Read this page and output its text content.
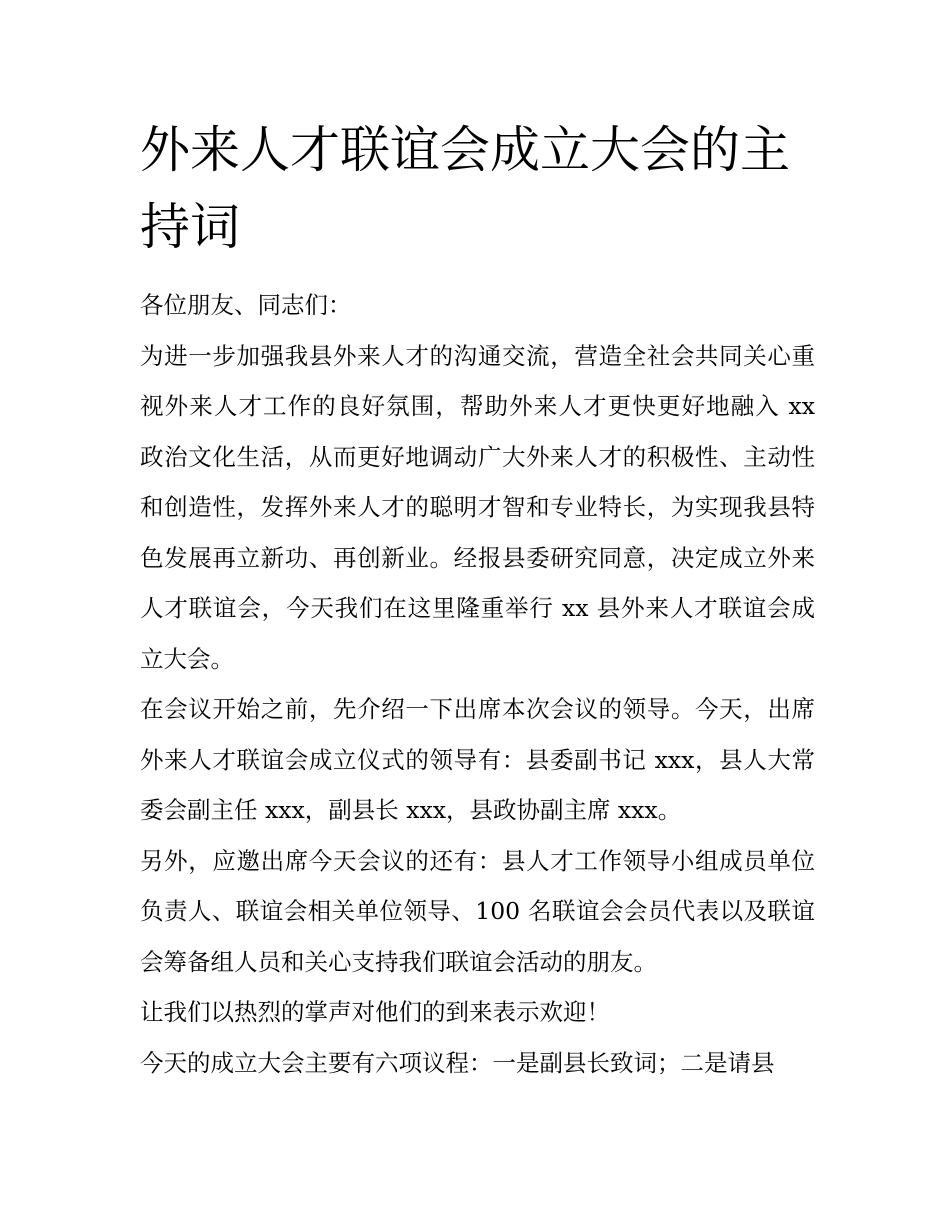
外来人才联谊会成立大会的主持词

各位朋友、同志们：

为进一步加强我县外来人才的沟通交流，营造全社会共同关心重视外来人才工作的良好氛围，帮助外来人才更快更好地融入 xx 政治文化生活，从而更好地调动广大外来人才的积极性、主动性和创造性，发挥外来人才的聪明才智和专业特长，为实现我县特色发展再立新功、再创新业。经报县委研究同意，决定成立外来人才联谊会，今天我们在这里隆重举行 xx 县外来人才联谊会成立大会。

在会议开始之前，先介绍一下出席本次会议的领导。今天，出席外来人才联谊会成立仪式的领导有：县委副书记 xxx，县人大常委会副主任 xxx，副县长 xxx，县政协副主席 xxx。

另外，应邀出席今天会议的还有：县人才工作领导小组成员单位负责人、联谊会相关单位领导、100 名联谊会会员代表以及联谊会筹备组人员和关心支持我们联谊会活动的朋友。

让我们以热烈的掌声对他们的到来表示欢迎！

今天的成立大会主要有六项议程：一是副县长致词；二是请县
